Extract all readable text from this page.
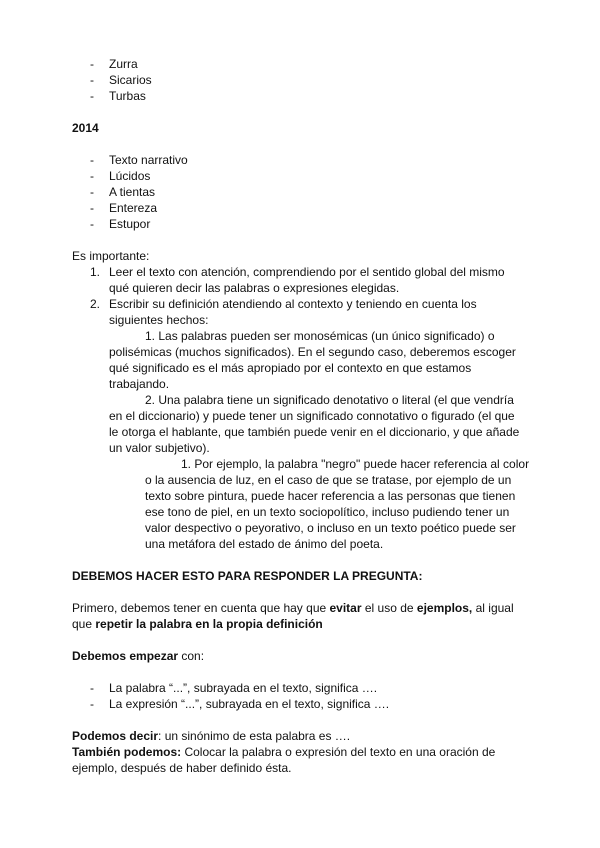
- Zurra
- Sicarios
- Turbas
2014
- Texto narrativo
- Lúcidos
- A tientas
- Entereza
- Estupor
Es importante:
1. Leer el texto con atención, comprendiendo por el sentido global del mismo qué quieren decir las palabras o expresiones elegidas.
2. Escribir su definición atendiendo al contexto y teniendo en cuenta los siguientes hechos:

1. Las palabras pueden ser monosémicas (un único significado) o polisémicas (muchos significados). En el segundo caso, deberemos escoger qué significado es el más apropiado por el contexto en que estamos trabajando.

2. Una palabra tiene un significado denotativo o literal (el que vendría en el diccionario) y puede tener un significado connotativo o figurado (el que le otorga el hablante, que también puede venir en el diccionario, y que añade un valor subjetivo).

1. Por ejemplo, la palabra "negro" puede hacer referencia al color o la ausencia de luz, en el caso de que se tratase, por ejemplo de un texto sobre pintura, puede hacer referencia a las personas que tienen ese tono de piel, en un texto sociopolítico, incluso pudiendo tener un valor despectivo o peyorativo, o incluso en un texto poético puede ser una metáfora del estado de ánimo del poeta.

DEBEMOS HACER ESTO PARA RESPONDER LA PREGUNTA:

Primero, debemos tener en cuenta que hay que evitar el uso de ejemplos, al igual que repetir la palabra en la propia definición

Debemos empezar con:
- La palabra “...”, subrayada en el texto, significa ….
- La expresión “...”, subrayada en el texto, significa ….
Podemos decir: un sinónimo de esta palabra es ….

También podemos: Colocar la palabra o expresión del texto en una oración de ejemplo, después de haber definido ésta.
